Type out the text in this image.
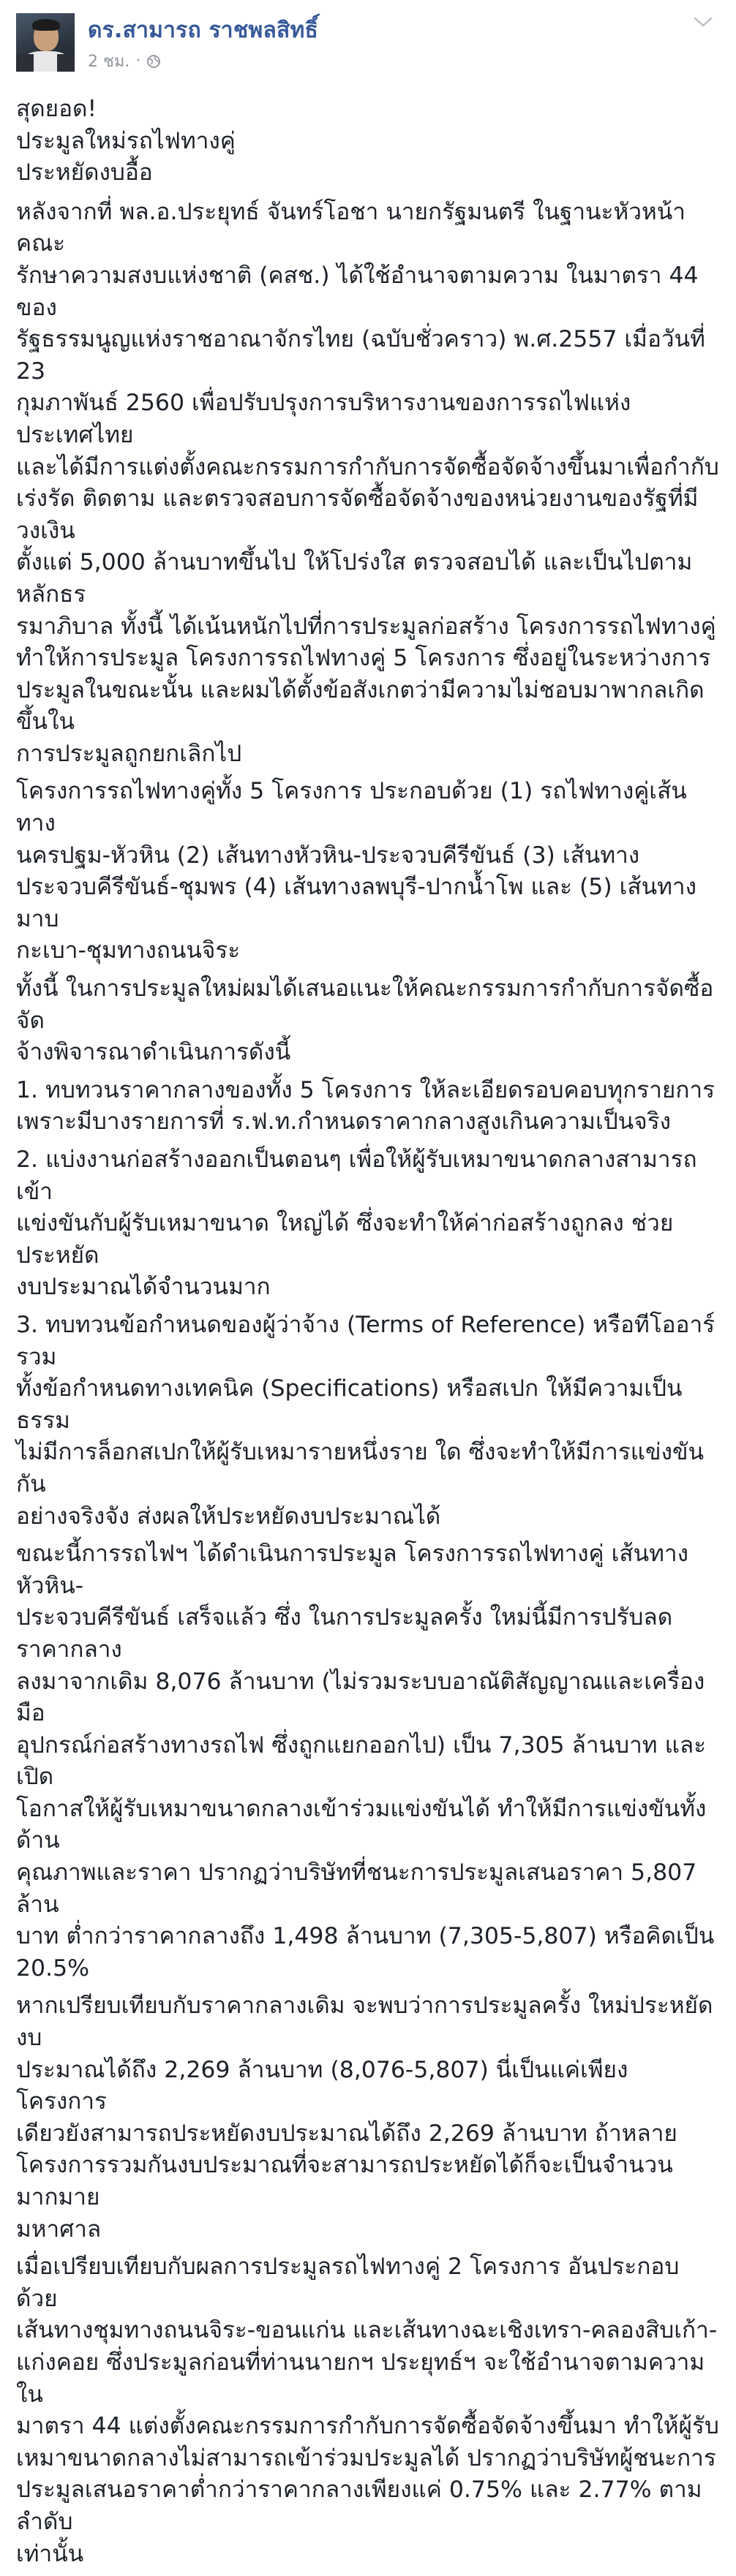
ดร.สามารถ ราชพลสิทธิ์
2 ชม. ·

สุดยอด!
ประมูลใหม่รถไฟทางคู่
ประหยัดงบอื้อ

หลังจากที่ พล.อ.ประยุทธ์ จันทร์โอชา นายกรัฐมนตรี ในฐานะหัวหน้าคณะ
รักษาความสงบแห่งชาติ (คสช.) ได้ใช้อำนาจตามความ ในมาตรา 44 ของ
รัฐธรรมนูญแห่งราชอาณาจักรไทย (ฉบับชั่วคราว) พ.ศ.2557 เมื่อวันที่ 23
กุมภาพันธ์ 2560 เพื่อปรับปรุงการบริหารงานของการรถไฟแห่งประเทศไทย
และได้มีการแต่งตั้งคณะกรรมการกำกับการจัดซื้อจัดจ้างขึ้นมาเพื่อกำกับ
เร่งรัด ติดตาม และตรวจสอบการจัดซื้อจัดจ้างของหน่วยงานของรัฐที่มีวงเงิน
ตั้งแต่ 5,000 ล้านบาทขึ้นไป ให้โปร่งใส ตรวจสอบได้ และเป็นไปตามหลักธร
รมาภิบาล ทั้งนี้ ได้เน้นหนักไปที่การประมูลก่อสร้าง โครงการรถไฟทางคู่
ทำให้การประมูล โครงการรถไฟทางคู่ 5 โครงการ ซึ่งอยู่ในระหว่างการ
ประมูลในขณะนั้น และผมได้ตั้งข้อสังเกตว่ามีความไม่ชอบมาพากลเกิดขึ้นใน
การประมูลถูกยกเลิกไป

โครงการรถไฟทางคู่ทั้ง 5 โครงการ ประกอบด้วย (1) รถไฟทางคู่เส้นทาง
นครปฐม-หัวหิน (2) เส้นทางหัวหิน-ประจวบคีรีขันธ์ (3) เส้นทาง
ประจวบคีรีขันธ์-ชุมพร (4) เส้นทางลพบุรี-ปากน้ำโพ และ (5) เส้นทางมาบ
กะเบา-ชุมทางถนนจิระ

ทั้งนี้ ในการประมูลใหม่ผมได้เสนอแนะให้คณะกรรมการกำกับการจัดซื้อจัด
จ้างพิจารณาดำเนินการดังนี้

1. ทบทวนราคากลางของทั้ง 5 โครงการ ให้ละเอียดรอบคอบทุกรายการ
เพราะมีบางรายการที่ ร.ฟ.ท.กำหนดราคากลางสูงเกินความเป็นจริง

2. แบ่งงานก่อสร้างออกเป็นตอนๆ เพื่อให้ผู้รับเหมาขนาดกลางสามารถเข้า
แข่งขันกับผู้รับเหมาขนาด ใหญ่ได้ ซึ่งจะทำให้ค่าก่อสร้างถูกลง ช่วยประหยัด
งบประมาณได้จำนวนมาก

3. ทบทวนข้อกำหนดของผู้ว่าจ้าง (Terms of Reference) หรือทีโออาร์ รวม
ทั้งข้อกำหนดทางเทคนิค (Specifications) หรือสเปก ให้มีความเป็นธรรม
ไม่มีการล็อกสเปกให้ผู้รับเหมารายหนึ่งราย ใด ซึ่งจะทำให้มีการแข่งขันกัน
อย่างจริงจัง ส่งผลให้ประหยัดงบประมาณได้

ขณะนี้การรถไฟฯ ได้ดำเนินการประมูล โครงการรถไฟทางคู่ เส้นทางหัวหิน-
ประจวบคีรีขันธ์ เสร็จแล้ว ซึ่ง ในการประมูลครั้ง ใหม่นี้มีการปรับลดราคากลาง
ลงมาจากเดิม 8,076 ล้านบาท (ไม่รวมระบบอาณัติสัญญาณและเครื่องมือ
อุปกรณ์ก่อสร้างทางรถไฟ ซึ่งถูกแยกออกไป) เป็น 7,305 ล้านบาท และเปิด
โอกาสให้ผู้รับเหมาขนาดกลางเข้าร่วมแข่งขันได้ ทำให้มีการแข่งขันทั้งด้าน
คุณภาพและราคา ปรากฏว่าบริษัทที่ชนะการประมูลเสนอราคา 5,807 ล้าน
บาท ต่ำกว่าราคากลางถึง 1,498 ล้านบาท (7,305-5,807) หรือคิดเป็น
20.5%

หากเปรียบเทียบกับราคากลางเดิม จะพบว่าการประมูลครั้ง ใหม่ประหยัดงบ
ประมาณได้ถึง 2,269 ล้านบาท (8,076-5,807) นี่เป็นแค่เพียง โครงการ
เดียวยังสามารถประหยัดงบประมาณได้ถึง 2,269 ล้านบาท ถ้าหลาย
โครงการรวมกันงบประมาณที่จะสามารถประหยัดได้ก็จะเป็นจำนวนมากมาย
มหาศาล

เมื่อเปรียบเทียบกับผลการประมูลรถไฟทางคู่ 2 โครงการ อันประกอบด้วย
เส้นทางชุมทางถนนจิระ-ขอนแก่น และเส้นทางฉะเชิงเทรา-คลองสิบเก้า-
แก่งคอย ซึ่งประมูลก่อนที่ท่านนายกฯ ประยุทธ์ฯ จะใช้อำนาจตามความ ใน
มาตรา 44 แต่งตั้งคณะกรรมการกำกับการจัดซื้อจัดจ้างขึ้นมา ทำให้ผู้รับ
เหมาขนาดกลางไม่สามารถเข้าร่วมประมูลได้ ปรากฏว่าบริษัทผู้ชนะการ
ประมูลเสนอราคาต่ำกว่าราคากลางเพียงแค่ 0.75% และ 2.77% ตามลำดับ
เท่านั้น
